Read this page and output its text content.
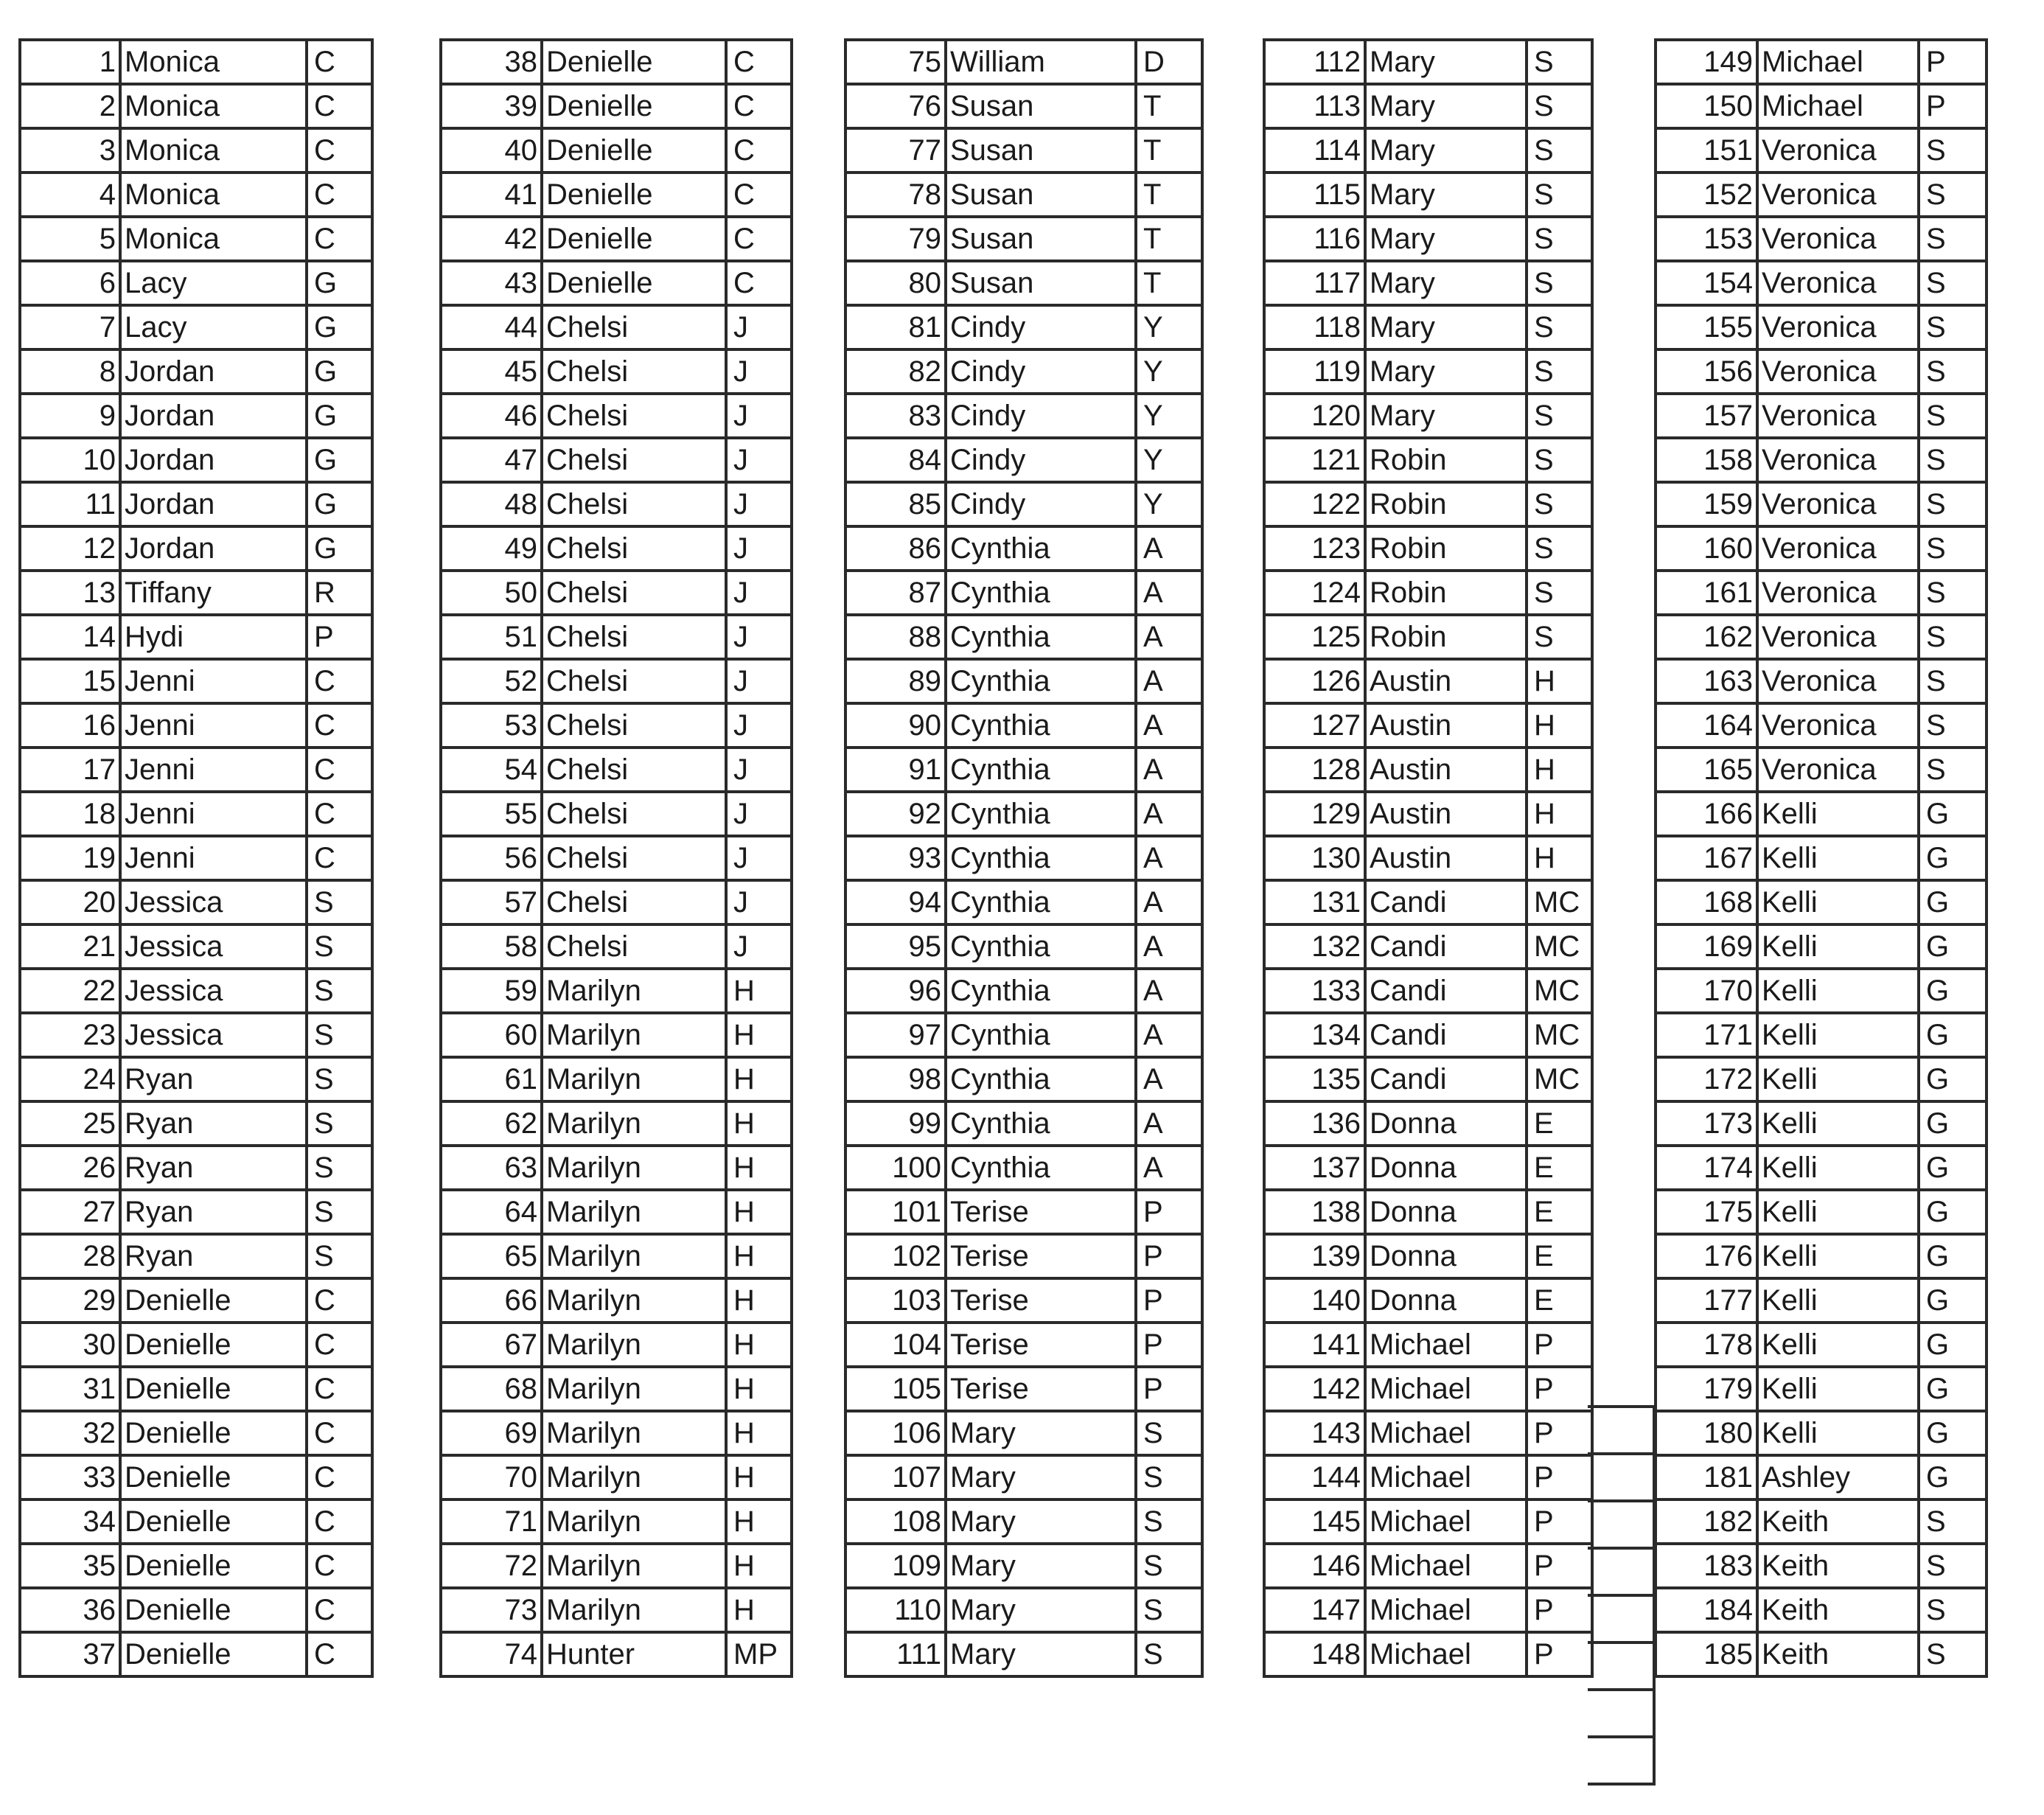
1	Monica	C
2	Monica	C
3	Monica	C
4	Monica	C
5	Monica	C
6	Lacy	G
7	Lacy	G
8	Jordan	G
9	Jordan	G
10	Jordan	G
11	Jordan	G
12	Jordan	G
13	Tiffany	R
14	Hydi	P
15	Jenni	C
16	Jenni	C
17	Jenni	C
18	Jenni	C
19	Jenni	C
20	Jessica	S
21	Jessica	S
22	Jessica	S
23	Jessica	S
24	Ryan	S
25	Ryan	S
26	Ryan	S
27	Ryan	S
28	Ryan	S
29	Denielle	C
30	Denielle	C
31	Denielle	C
32	Denielle	C
33	Denielle	C
34	Denielle	C
35	Denielle	C
36	Denielle	C
37	Denielle	C
38	Denielle	C
39	Denielle	C
40	Denielle	C
41	Denielle	C
42	Denielle	C
43	Denielle	C
44	Chelsi	J
45	Chelsi	J
46	Chelsi	J
47	Chelsi	J
48	Chelsi	J
49	Chelsi	J
50	Chelsi	J
51	Chelsi	J
52	Chelsi	J
53	Chelsi	J
54	Chelsi	J
55	Chelsi	J
56	Chelsi	J
57	Chelsi	J
58	Chelsi	J
59	Marilyn	H
60	Marilyn	H
61	Marilyn	H
62	Marilyn	H
63	Marilyn	H
64	Marilyn	H
65	Marilyn	H
66	Marilyn	H
67	Marilyn	H
68	Marilyn	H
69	Marilyn	H
70	Marilyn	H
71	Marilyn	H
72	Marilyn	H
73	Marilyn	H
74	Hunter	MP
75	William	D
76	Susan	T
77	Susan	T
78	Susan	T
79	Susan	T
80	Susan	T
81	Cindy	Y
82	Cindy	Y
83	Cindy	Y
84	Cindy	Y
85	Cindy	Y
86	Cynthia	A
87	Cynthia	A
88	Cynthia	A
89	Cynthia	A
90	Cynthia	A
91	Cynthia	A
92	Cynthia	A
93	Cynthia	A
94	Cynthia	A
95	Cynthia	A
96	Cynthia	A
97	Cynthia	A
98	Cynthia	A
99	Cynthia	A
100	Cynthia	A
101	Terise	P
102	Terise	P
103	Terise	P
104	Terise	P
105	Terise	P
106	Mary	S
107	Mary	S
108	Mary	S
109	Mary	S
110	Mary	S
111	Mary	S
112	Mary	S
113	Mary	S
114	Mary	S
115	Mary	S
116	Mary	S
117	Mary	S
118	Mary	S
119	Mary	S
120	Mary	S
121	Robin	S
122	Robin	S
123	Robin	S
124	Robin	S
125	Robin	S
126	Austin	H
127	Austin	H
128	Austin	H
129	Austin	H
130	Austin	H
131	Candi	MC
132	Candi	MC
133	Candi	MC
134	Candi	MC
135	Candi	MC
136	Donna	E
137	Donna	E
138	Donna	E
139	Donna	E
140	Donna	E
141	Michael	P
142	Michael	P
143	Michael	P
144	Michael	P
145	Michael	P
146	Michael	P
147	Michael	P
148	Michael	P
149	Michael	P
150	Michael	P
151	Veronica	S
152	Veronica	S
153	Veronica	S
154	Veronica	S
155	Veronica	S
156	Veronica	S
157	Veronica	S
158	Veronica	S
159	Veronica	S
160	Veronica	S
161	Veronica	S
162	Veronica	S
163	Veronica	S
164	Veronica	S
165	Veronica	S
166	Kelli	G
167	Kelli	G
168	Kelli	G
169	Kelli	G
170	Kelli	G
171	Kelli	G
172	Kelli	G
173	Kelli	G
174	Kelli	G
175	Kelli	G
176	Kelli	G
177	Kelli	G
178	Kelli	G
179	Kelli	G
180	Kelli	G
181	Ashley	G
182	Keith	S
183	Keith	S
184	Keith	S
185	Keith	S
